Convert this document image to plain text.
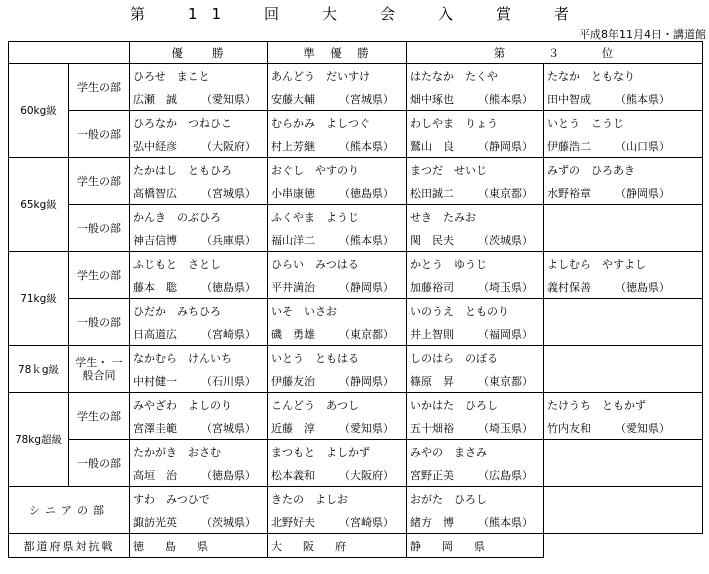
第　11　回　大　会　入　賞　者
平成8年11月4日・講道館
		優　　勝	準　優　勝	第　　　３　　　位	
60kg級	学生の部	ひろせ　まこと	あんどう　だいすけ	はたなか　たくや	たなか　ともなり
		広瀬　誠 （ 愛知県 ）	安藤大輔 （ 宮城県 ）	畑中琢也 （ 熊本県 ）	田中智成 （ 熊本県 ）
	一般の部	ひろなか　つねひこ	むらかみ　よしつぐ	わしやま　りょう	いとう　こうじ
		弘中経彦 （ 大阪府 ）	村上芳継 （ 熊本県 ）	鷲山　良 （ 静岡県 ）	伊藤浩二 （ 山口県 ）
65kg級	学生の部	たかはし　ともひろ	おぐし　やすのり	まつだ　せいじ	みずの　ひろあき
		高橋智広 （ 宮城県 ）	小串康徳 （ 徳島県 ）	松田誠二 （ 東京都 ）	水野裕章 （ 静岡県 ）
	一般の部	かんき　のぶひろ	ふくやま　ようじ	せき　たみお	
		神吉信博 （ 兵庫県 ）	福山洋二 （ 熊本県 ）	関　民夫 （ 茨城県 ）
71kg級	学生の部	ふじもと　さとし	ひらい　みつはる	かとう　ゆうじ	よしむら　やすよし
		藤本　聡 （ 徳島県 ）	平井満治 （ 静岡県 ）	加藤裕司 （ 埼玉県 ）	義村保善 （ 徳島県 ）
	一般の部	ひだか　みちひろ	いそ　いさお	いのうえ　とものり	
		日高道広 （ 宮崎県 ）	磯　勇雄 （ 東京都 ）	井上智則 （ 福岡県 ）
78ｋg級	学生・ 一般合同	なかむら　けんいち	いとう　ともはる	しのはら　のぼる	
		中村健一 （ 石川県 ）	伊藤友治 （ 静岡県 ）	篠原　昇 （ 東京都 ）
78kg超級	学生の部	みやざわ　よしのり	こんどう　あつし	いかはた　ひろし	たけうち　ともかず
		宮澤圭範 （ 宮城県 ）	近藤　淳 （ 愛知県 ）	五十畑裕 （ 埼玉県 ）	竹内友和 （ 愛知県 ）
	一般の部	たかがき　おさむ	まつもと　よしかず	みやの　まさみ	
		高垣　治 （ 徳島県 ）	松本義和 （ 大阪府 ）	宮野正美 （ 広島県 ）
シニアの部		すわ　みつひで	きたの　よしお	おがた　ひろし	
		諏訪光英 （ 茨城県 ）	北野好夫 （ 宮崎県 ）	緒方　博 （ 熊本県 ）
都道府県対抗戦		徳　島　県	大　阪　府	静　岡　県	
